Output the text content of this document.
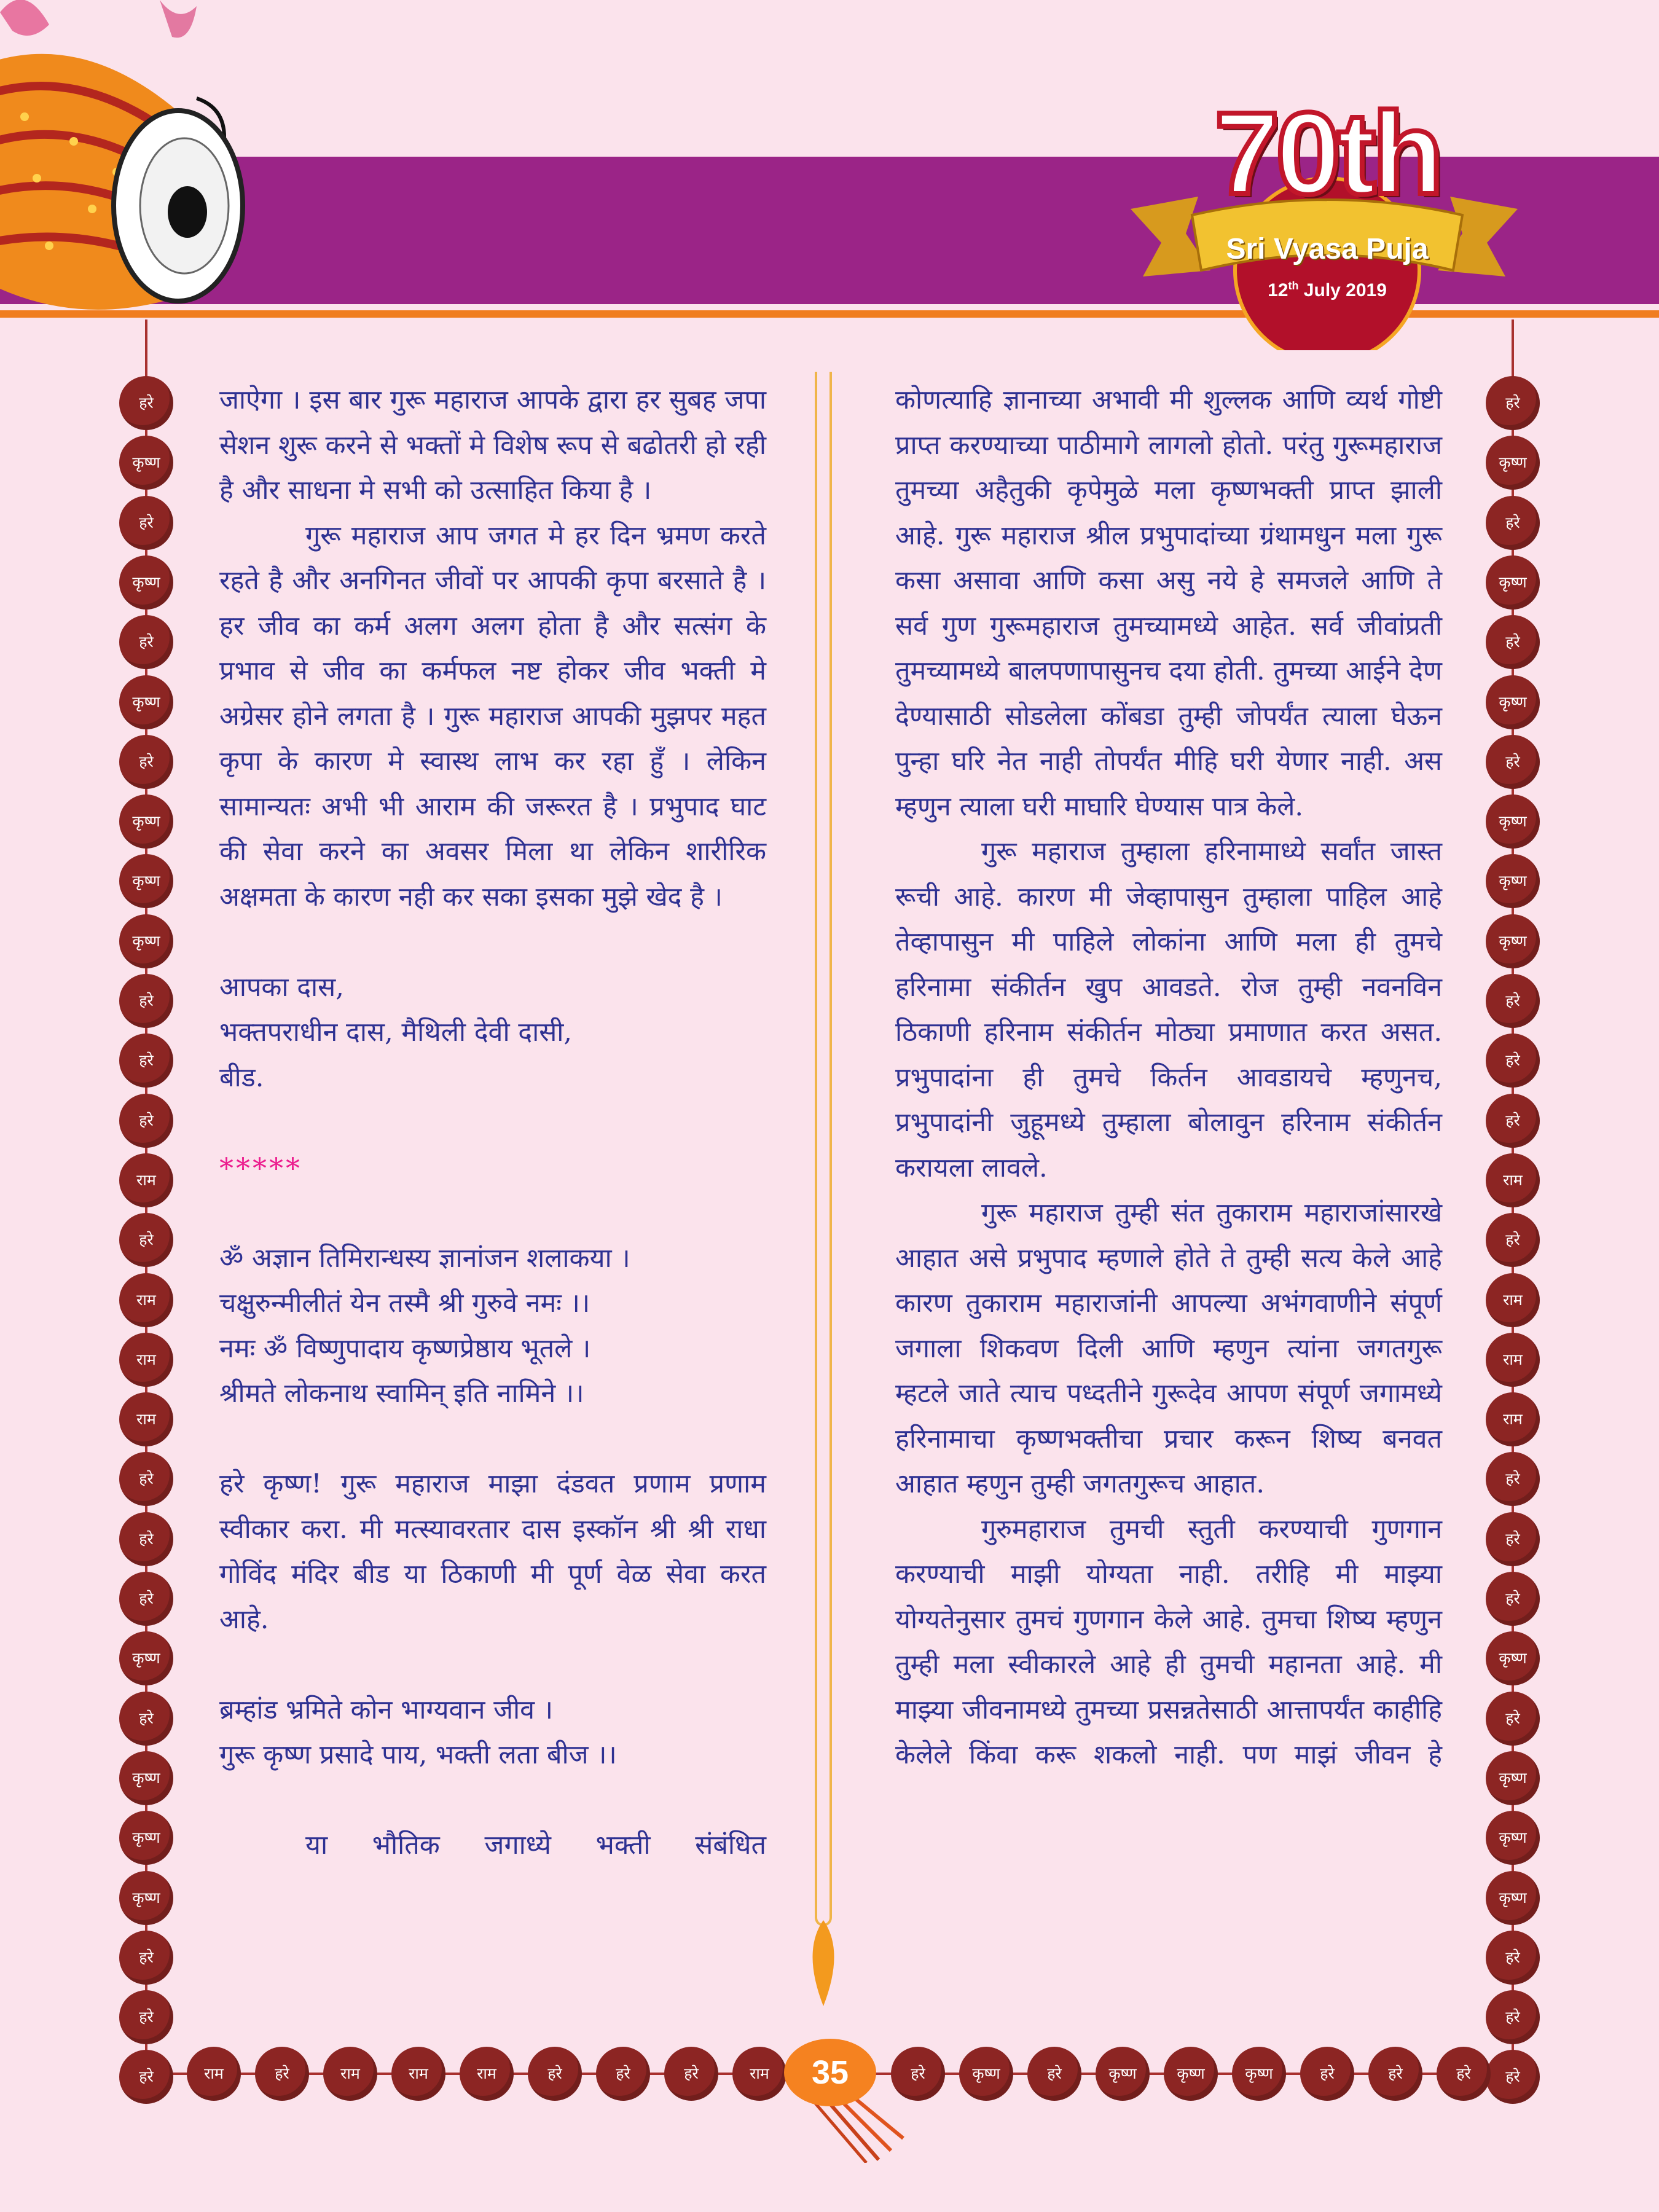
70th
Sri Vyasa Puja
12th July 2019
हरे
कृष्ण
हरे
कृष्ण
हरे
कृष्ण
हरे
कृष्ण
कृष्ण
कृष्ण
हरे
हरे
हरे
राम
हरे
राम
राम
राम
हरे
हरे
हरे
कृष्ण
हरे
कृष्ण
कृष्ण
कृष्ण
हरे
हरे
हरे
हरे
कृष्ण
हरे
कृष्ण
हरे
कृष्ण
हरे
कृष्ण
कृष्ण
कृष्ण
हरे
हरे
हरे
राम
हरे
राम
राम
राम
हरे
हरे
हरे
कृष्ण
हरे
कृष्ण
कृष्ण
कृष्ण
हरे
हरे
हरे
राम	हरे	राम	राम	राम	हरे	हरे	हरे	राम	हरे	कृष्ण	हरे	कृष्ण	कृष्ण	कृष्ण	हरे	हरे	हरे

जाऐगा । इस बार गुरू महाराज आपके द्वारा हर सुबह जपा सेशन शुरू करने से भक्तों मे विशेष रूप से बढोतरी हो रही है और साधना मे सभी को उत्साहित किया है ।

गुरू महाराज आप जगत मे हर दिन भ्रमण करते रहते है और अनगिनत जीवों पर आपकी कृपा बरसाते है । हर जीव का कर्म अलग अलग होता है और सत्संग के प्रभाव से जीव का कर्मफल नष्ट होकर जीव भक्ती मे अग्रेसर होने लगता है । गुरू महाराज आपकी मुझपर महत कृपा के कारण मे स्वास्थ लाभ कर रहा हुँ । लेकिन सामान्यतः अभी भी आराम की जरूरत है । प्रभुपाद घाट की सेवा करने का अवसर मिला था लेकिन शारीरिक अक्षमता के कारण नही कर सका इसका मुझे खेद है ।

आपका दास,

भक्तपराधीन दास, मैथिली देवी दासी,

बीड.

*****

ॐ अज्ञान तिमिरान्धस्य ज्ञानांजन शलाकया ।

चक्षुरुन्मीलीतं येन तस्मै श्री गुरुवे नमः ।।

नमः ॐ विष्णुपादाय कृष्णप्रेष्ठाय भूतले ।

श्रीमते लोकनाथ स्वामिन् इति नामिने ।।

हरे कृष्ण! गुरू महाराज माझा दंडवत प्रणाम प्रणाम स्वीकार करा. मी मत्स्यावरतार दास इस्कॉन श्री श्री राधा गोविंद मंदिर बीड या ठिकाणी मी पूर्ण वेळ सेवा करत आहे.

ब्रम्हांड भ्रमिते कोन भाग्यवान जीव ।

गुरू कृष्ण प्रसादे पाय, भक्ती लता बीज ।।

या भौतिक जगाध्ये भक्ती संबंधित

कोणत्याहि ज्ञानाच्या अभावी मी शुल्लक आणि व्यर्थ गोष्टी प्राप्त करण्याच्या पाठीमागे लागलो होतो. परंतु गुरूमहाराज तुमच्या अहैतुकी कृपेमुळे मला कृष्णभक्ती प्राप्त झाली आहे. गुरू महाराज श्रील प्रभुपादांच्या ग्रंथामधुन मला गुरू कसा असावा आणि कसा असु नये हे समजले आणि ते सर्व गुण गुरूमहाराज तुमच्यामध्ये आहेत. सर्व जीवांप्रती तुमच्यामध्ये बालपणापासुनच दया होती. तुमच्या आईने देण देण्यासाठी सोडलेला कोंबडा तुम्ही जोपर्यंत त्याला घेऊन पुन्हा घरि नेत नाही तोपर्यंत मीहि घरी येणार नाही. अस म्हणुन त्याला घरी माघारि घेण्यास पात्र केले.

गुरू महाराज तुम्हाला हरिनामाध्ये सर्वांत जास्त रूची आहे. कारण मी जेव्हापासुन तुम्हाला पाहिल आहे तेव्हापासुन मी पाहिले लोकांना आणि मला ही तुमचे हरिनामा संकीर्तन खुप आवडते. रोज तुम्ही नवनविन ठिकाणी हरिनाम संकीर्तन मोठ्या प्रमाणात करत असत. प्रभुपादांना ही तुमचे किर्तन आवडायचे म्हणुनच, प्रभुपादांनी जुहूमध्ये तुम्हाला बोलावुन हरिनाम संकीर्तन करायला लावले.

गुरू महाराज तुम्ही संत तुकाराम महाराजांसारखे आहात असे प्रभुपाद म्हणाले होते ते तुम्ही सत्य केले आहे कारण तुकाराम महाराजांनी आपल्या अभंगवाणीने संपूर्ण जगाला शिकवण दिली आणि म्हणुन त्यांना जगतगुरू म्हटले जाते त्याच पध्दतीने गुरूदेव आपण संपूर्ण जगामध्ये हरिनामाचा कृष्णभक्तीचा प्रचार करून शिष्य बनवत आहात म्हणुन तुम्ही जगतगुरूच आहात.

गुरुमहाराज तुमची स्तुती करण्याची गुणगान करण्याची माझी योग्यता नाही. तरीहि मी माझ्या योग्यतेनुसार तुमचं गुणगान केले आहे. तुमचा शिष्य म्हणुन तुम्ही मला स्वीकारले आहे ही तुमची महानता आहे. मी माझ्या जीवनामध्ये तुमच्या प्रसन्नतेसाठी आत्तापर्यंत काहीहि केलेले किंवा करू शकलो नाही. पण माझं जीवन हे

35
